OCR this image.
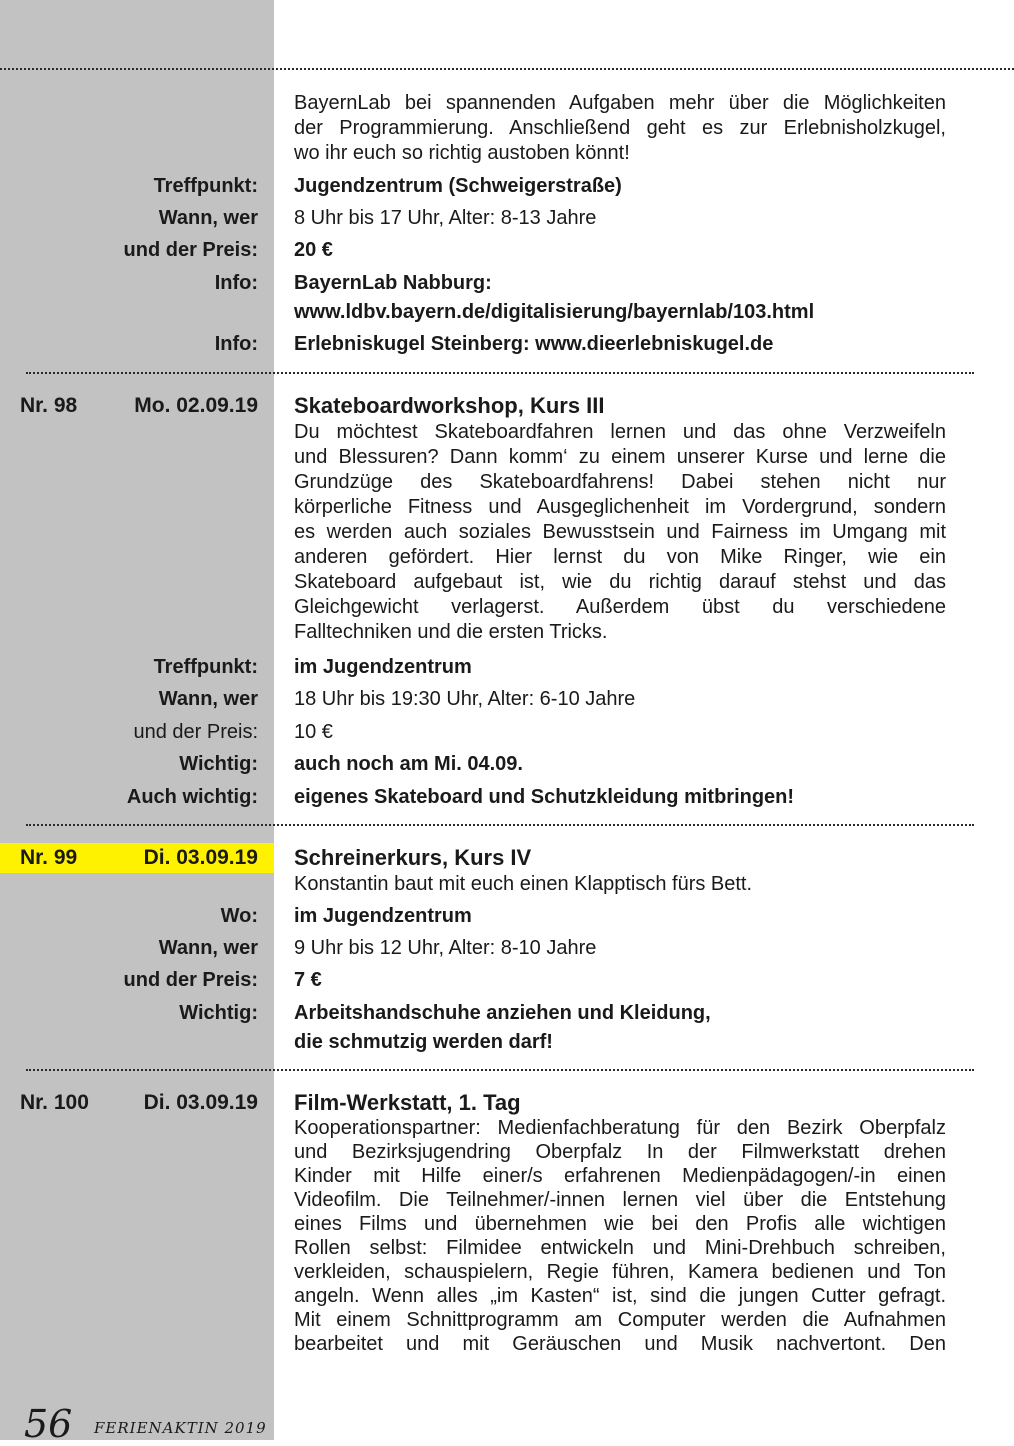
BayernLab bei spannenden Aufgaben mehr über die Möglichkeiten
der Programmierung. Anschließend geht es zur Erlebnisholzkugel,
wo ihr euch so richtig austoben könnt!
Treffpunkt: Jugendzentrum (Schweigerstraße)
Wann, wer 8 Uhr bis 17 Uhr, Alter: 8-13 Jahre
und der Preis: 20 €
Info: BayernLab Nabburg:
www.ldbv.bayern.de/digitalisierung/bayernlab/103.html
Info: Erlebniskugel Steinberg: www.dieerlebniskugel.de
Nr. 98	Mo. 02.09.19 Skateboardworkshop, Kurs III
Du möchtest Skateboardfahren lernen und das ohne Verzweifeln
und Blessuren? Dann komm‘ zu einem unserer Kurse und lerne die
Grundzüge des Skateboardfahrens! Dabei stehen nicht nur
körperliche Fitness und Ausgeglichenheit im Vordergrund, sondern
es werden auch soziales Bewusstsein und Fairness im Umgang mit
anderen gefördert. Hier lernst du von Mike Ringer, wie ein
Skateboard aufgebaut ist, wie du richtig darauf stehst und das
Gleichgewicht verlagerst. Außerdem übst du verschiedene
Falltechniken und die ersten Tricks.
Treffpunkt: im Jugendzentrum
Wann, wer 18 Uhr bis 19:30 Uhr, Alter: 6-10 Jahre
und der Preis: 10 €
Wichtig: auch noch am Mi. 04.09.
Auch wichtig: eigenes Skateboard und Schutzkleidung mitbringen!
Nr. 99	Di. 03.09.19 Schreinerkurs, Kurs IV
Konstantin baut mit euch einen Klapptisch fürs Bett.
Wo: im Jugendzentrum
Wann, wer 9 Uhr bis 12 Uhr, Alter: 8-10 Jahre
und der Preis: 7 €
Wichtig: Arbeitshandschuhe anziehen und Kleidung,
die schmutzig werden darf!
Nr. 100	Di. 03.09.19 Film-Werkstatt, 1. Tag
Kooperationspartner: Medienfachberatung für den Bezirk Oberpfalz
und Bezirksjugendring Oberpfalz In der Filmwerkstatt drehen
Kinder mit Hilfe einer/s erfahrenen Medienpädagogen/-in einen
Videofilm. Die Teilnehmer/-innen lernen viel über die Entstehung
eines Films und übernehmen wie bei den Profis alle wichtigen
Rollen selbst: Filmidee entwickeln und Mini-Drehbuch schreiben,
verkleiden, schauspielern, Regie führen, Kamera bedienen und Ton
angeln. Wenn alles „im Kasten“ ist, sind die jungen Cutter gefragt.
Mit einem Schnittprogramm am Computer werden die Aufnahmen
bearbeitet und mit Geräuschen und Musik nachvertont. Den
56 FERIENAKTIN 2019
